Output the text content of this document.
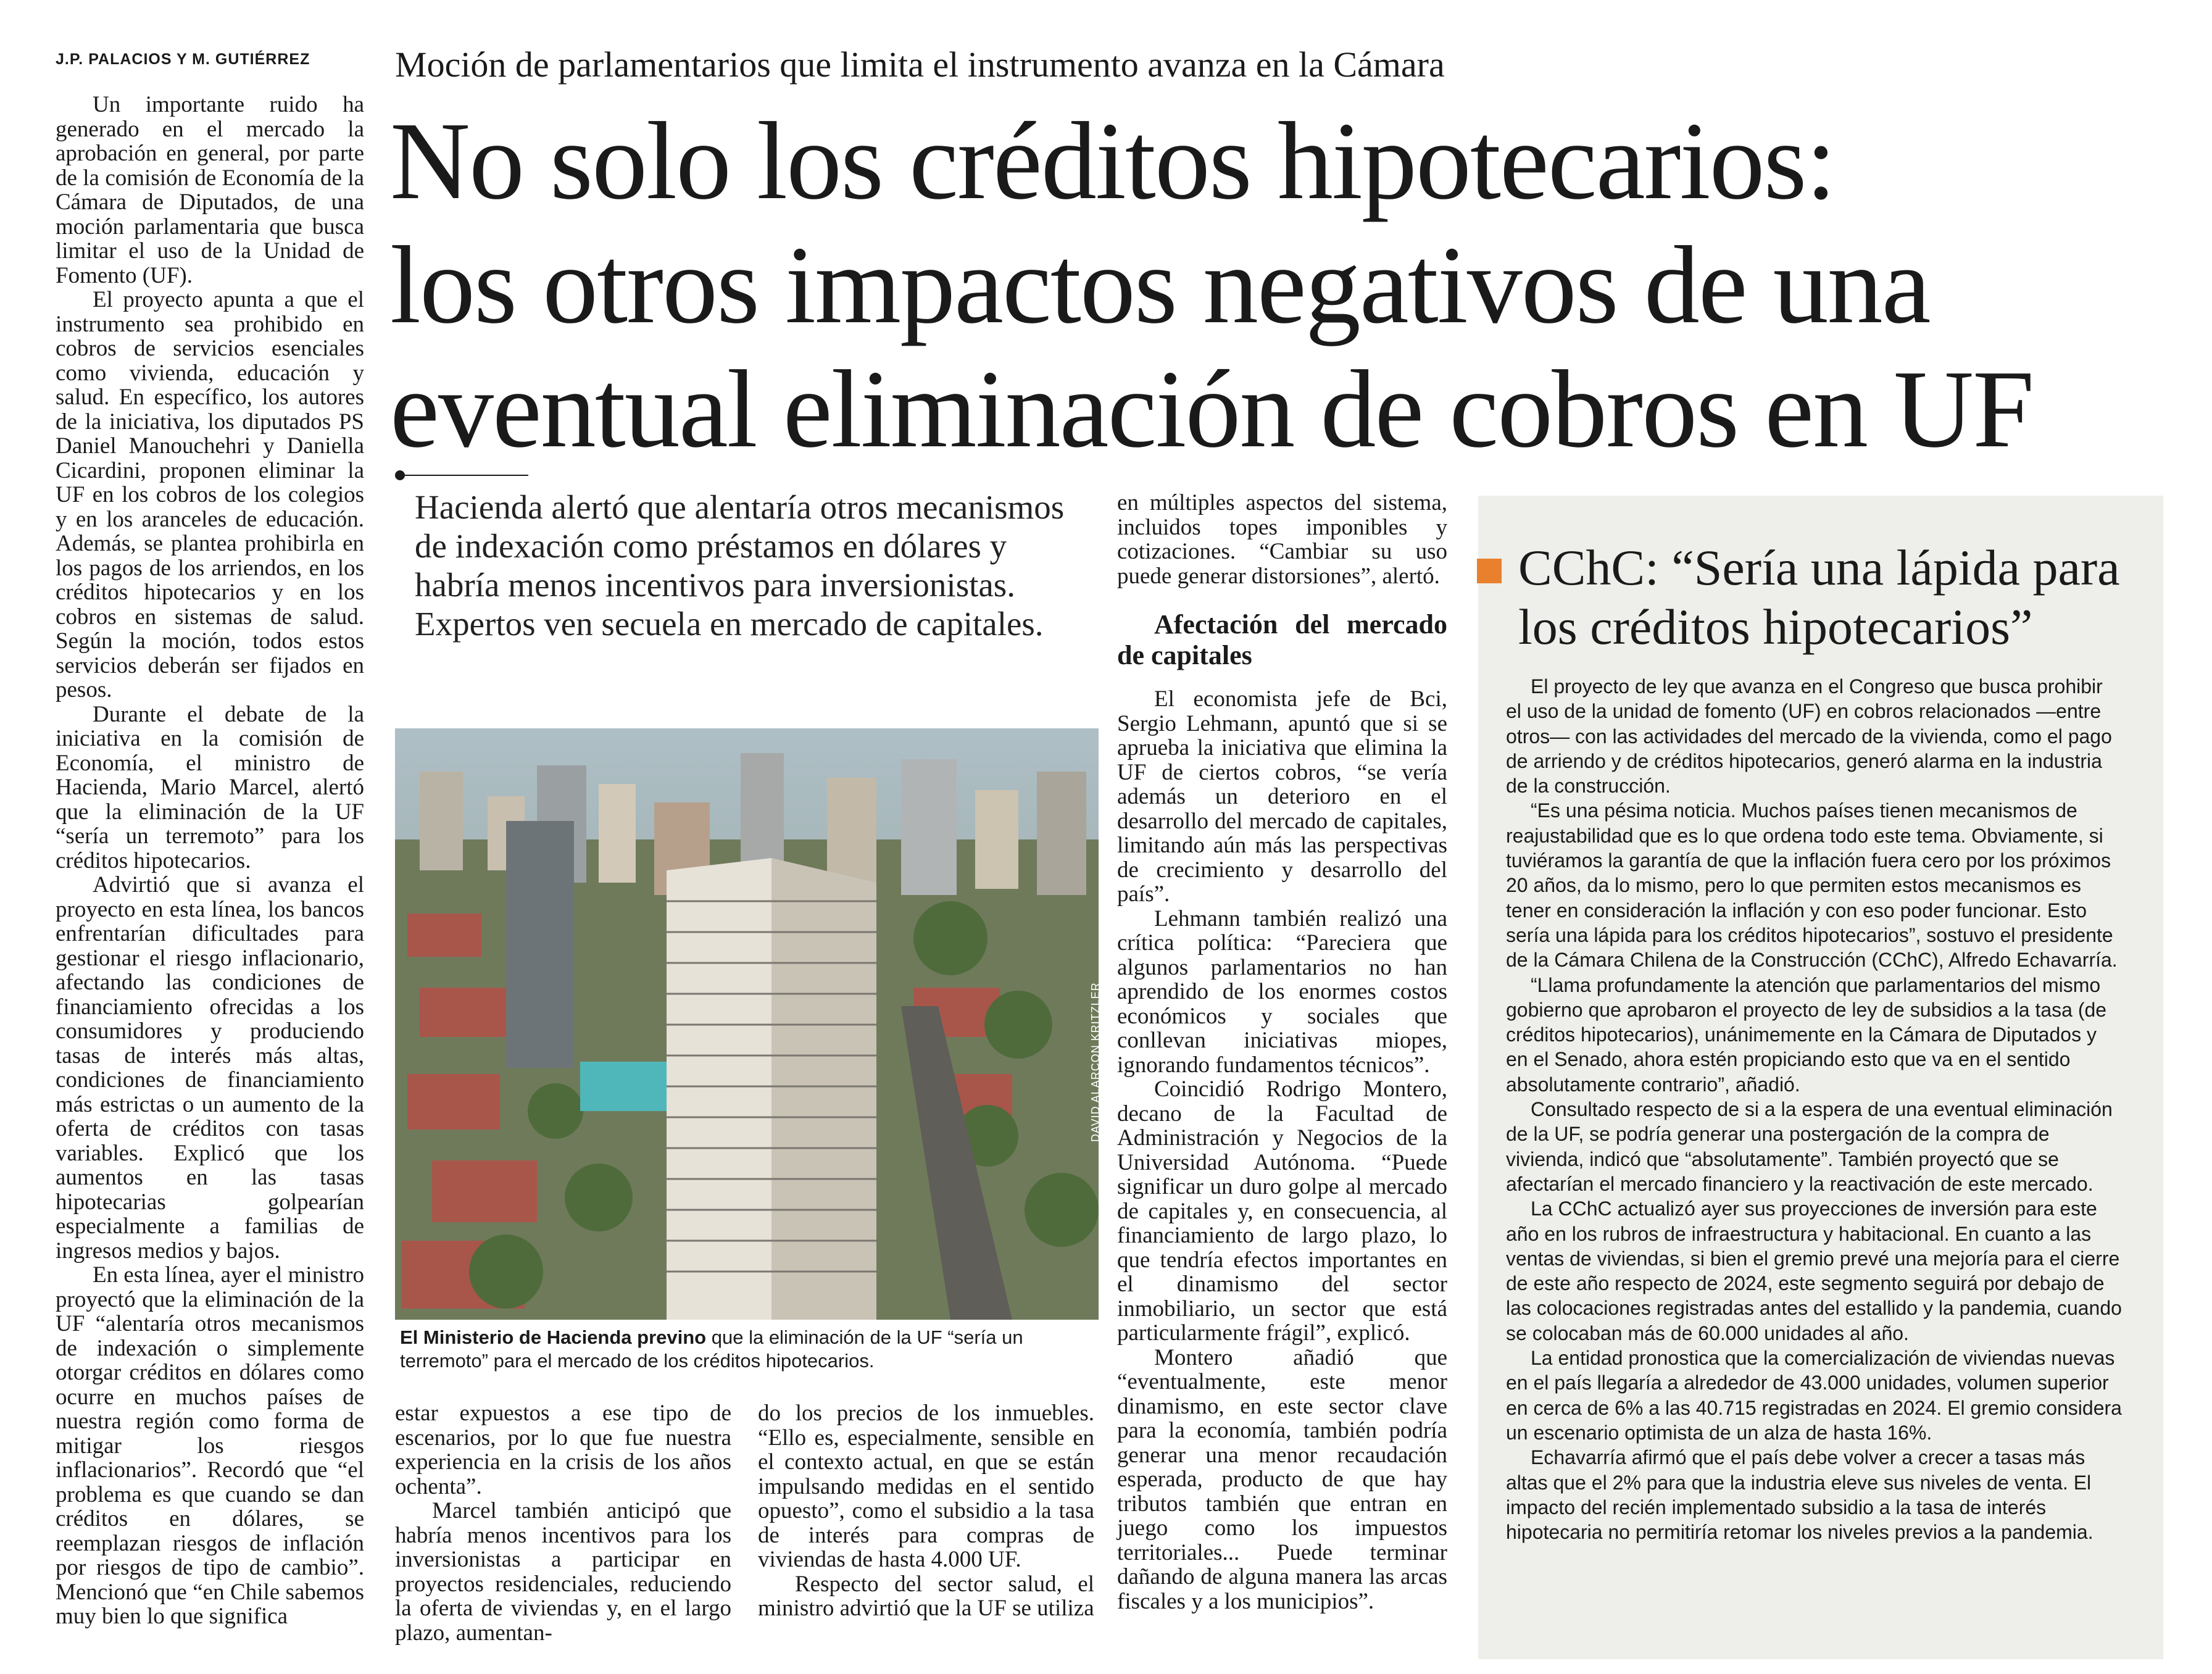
J.P. PALACIOS Y M. GUTIÉRREZ

Un importante ruido ha generado en el mercado la aprobación en general, por parte de la comisión de Economía de la Cámara de Diputados, de una moción parlamentaria que busca limitar el uso de la Unidad de Fomento (UF).

El proyecto apunta a que el instrumento sea prohibido en cobros de servicios esenciales como vivienda, educación y salud. En específico, los autores de la iniciativa, los diputados PS Daniel Manouchehri y Daniella Cicardini, proponen eliminar la UF en los cobros de los colegios y en los aranceles de educación. Además, se plantea prohibirla en los pagos de los arriendos, en los créditos hipotecarios y en los cobros en sistemas de salud. Según la moción, todos estos servicios deberán ser fijados en pesos.

Durante el debate de la iniciativa en la comisión de Economía, el ministro de Hacienda, Mario Marcel, alertó que la eliminación de la UF “sería un terremoto” para los créditos hipotecarios.

Advirtió que si avanza el proyecto en esta línea, los bancos enfrentarían dificultades para gestionar el riesgo inflacionario, afectando las condiciones de financiamiento ofrecidas a los consumidores y produciendo tasas de interés más altas, condiciones de financiamiento más estrictas o un aumento de la oferta de créditos con tasas variables. Explicó que los aumentos en las tasas hipotecarias golpearían especialmente a familias de ingresos medios y bajos.

En esta línea, ayer el ministro proyectó que la eliminación de la UF “alentaría otros mecanismos de indexación o simplemente otorgar créditos en dólares como ocurre en muchos países de nuestra región como forma de mitigar los riesgos inflacionarios”. Recordó que “el problema es que cuando se dan créditos en dólares, se reemplazan riesgos de inflación por riesgos de tipo de cambio”. Mencionó que “en Chile sabemos muy bien lo que significa

Moción de parlamentarios que limita el instrumento avanza en la Cámara
No solo los créditos hipotecarios:
los otros impactos negativos de una
eventual eliminación de cobros en UF
Hacienda alertó que alentaría otros mecanismos de indexación como préstamos en dólares y habría menos incentivos para inversionistas. Expertos ven secuela en mercado de capitales.
DAVID ALARCON KRITZLER
El Ministerio de Hacienda previno que la eliminación de la UF “sería un terremoto” para el mercado de los créditos hipotecarios.

estar expuestos a ese tipo de escenarios, por lo que fue nuestra experiencia en la crisis de los años ochenta”.

Marcel también anticipó que habría menos incentivos para los inversionistas a participar en proyectos residenciales, reduciendo la oferta de viviendas y, en el largo plazo, aumentan-

do los precios de los inmuebles. “Ello es, especialmente, sensible en el contexto actual, en que se están impulsando medidas en el sentido opuesto”, como el subsidio a la tasa de interés para compras de viviendas de hasta 4.000 UF.

Respecto del sector salud, el ministro advirtió que la UF se utiliza

en múltiples aspectos del sistema, incluidos topes imponibles y cotizaciones. “Cambiar su uso puede generar distorsiones”, alertó.

Afectación del mercado de capitales

El economista jefe de Bci, Sergio Lehmann, apuntó que si se aprueba la iniciativa que elimina la UF de ciertos cobros, “se vería además un deterioro en el desarrollo del mercado de capitales, limitando aún más las perspectivas de crecimiento y desarrollo del país”.

Lehmann también realizó una crítica política: “Pareciera que algunos parlamentarios no han aprendido de los enormes costos económicos y sociales que conllevan iniciativas miopes, ignorando fundamentos técnicos”.

Coincidió Rodrigo Montero, decano de la Facultad de Administración y Negocios de la Universidad Autónoma. “Puede significar un duro golpe al mercado de capitales y, en consecuencia, al financiamiento de largo plazo, lo que tendría efectos importantes en el dinamismo del sector inmobiliario, un sector que está particularmente frágil”, explicó.

Montero añadió que “eventualmente, este menor dinamismo, en este sector clave para la economía, también podría generar una menor recaudación esperada, producto de que hay tributos también que entran en juego como los impuestos territoriales... Puede terminar dañando de alguna manera las arcas fiscales y a los municipios”.

CChC: “Sería una lápida para los créditos hipotecarios”

El proyecto de ley que avanza en el Congreso que busca prohibir el uso de la unidad de fomento (UF) en cobros relacionados —entre otros— con las actividades del mercado de la vivienda, como el pago de arriendo y de créditos hipotecarios, generó alarma en la industria de la construcción.

“Es una pésima noticia. Muchos países tienen mecanismos de reajustabilidad que es lo que ordena todo este tema. Obviamente, si tuviéramos la garantía de que la inflación fuera cero por los próximos 20 años, da lo mismo, pero lo que permiten estos mecanismos es tener en consideración la inflación y con eso poder funcionar. Esto sería una lápida para los créditos hipotecarios”, sostuvo el presidente de la Cámara Chilena de la Construcción (CChC), Alfredo Echavarría.

“Llama profundamente la atención que parlamentarios del mismo gobierno que aprobaron el proyecto de ley de subsidios a la tasa (de créditos hipotecarios), unánimemente en la Cámara de Diputados y en el Senado, ahora estén propiciando esto que va en el sentido absolutamente contrario”, añadió.

Consultado respecto de si a la espera de una eventual eliminación de la UF, se podría generar una postergación de la compra de vivienda, indicó que “absolutamente”. También proyectó que se afectarían el mercado financiero y la reactivación de este mercado.

La CChC actualizó ayer sus proyecciones de inversión para este año en los rubros de infraestructura y habitacional. En cuanto a las ventas de viviendas, si bien el gremio prevé una mejoría para el cierre de este año respecto de 2024, este segmento seguirá por debajo de las colocaciones registradas antes del estallido y la pandemia, cuando se colocaban más de 60.000 unidades al año.

La entidad pronostica que la comercialización de viviendas nuevas en el país llegaría a alrededor de 43.000 unidades, volumen superior en cerca de 6% a las 40.715 registradas en 2024. El gremio considera un escenario optimista de un alza de hasta 16%.

Echavarría afirmó que el país debe volver a crecer a tasas más altas que el 2% para que la industria eleve sus niveles de venta. El impacto del recién implementado subsidio a la tasa de interés hipotecaria no permitiría retomar los niveles previos a la pandemia.
